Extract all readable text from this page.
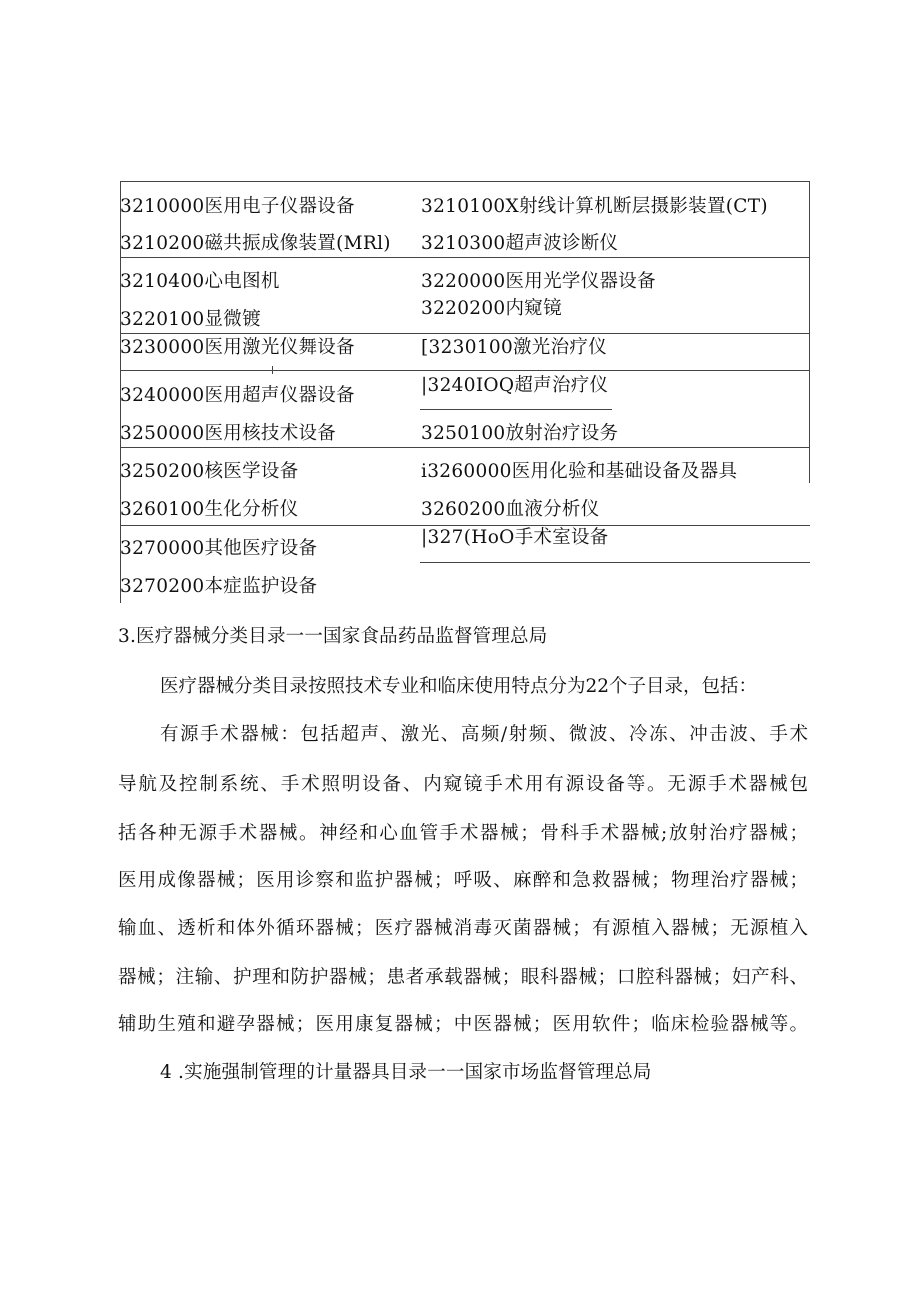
3210000医用电子仪器设备
3210200磁共振成像装置(MRl)
3210400心电图机
3220100显微镀
3230000医用激光仪舞设备
3240000医用超声仪器设备
3250000医用核技术设备
3250200核医学设备
3260100生化分析仪
3270000其他医疗设备
3270200本症监护设备
3210100X射线计算机断层摄影装置(CT)
3210300超声波诊断仪
3220000医用光学仪器设备
3220200内窥镜
[3230100激光治疗仪
|3240IOQ超声治疗仪
3250100放射治疗设务
i3260000医用化验和基础设备及器具
3260200血液分析仪
|327(HoO手术室设备
3.医疗器械分类目录一一国家食品药品监督管理总局
医疗器械分类目录按照技术专业和临床使用特点分为22个子目录，包括：
有源手术器械：包括超声、激光、高频/射频、微波、冷冻、冲击波、手术
导航及控制系统、手术照明设备、内窥镜手术用有源设备等。无源手术器械包
括各种无源手术器械。神经和心血管手术器械；骨科手术器械;放射治疗器械；
医用成像器械；医用诊察和监护器械；呼吸、麻醉和急救器械；物理治疗器械；
输血、透析和体外循环器械；医疗器械消毒灭菌器械；有源植入器械；无源植入
器械；注输、护理和防护器械；患者承载器械；眼科器械；口腔科器械；妇产科、
辅助生殖和避孕器械；医用康复器械；中医器械；医用软件；临床检验器械等。
4 .实施强制管理的计量器具目录一一国家市场监督管理总局
